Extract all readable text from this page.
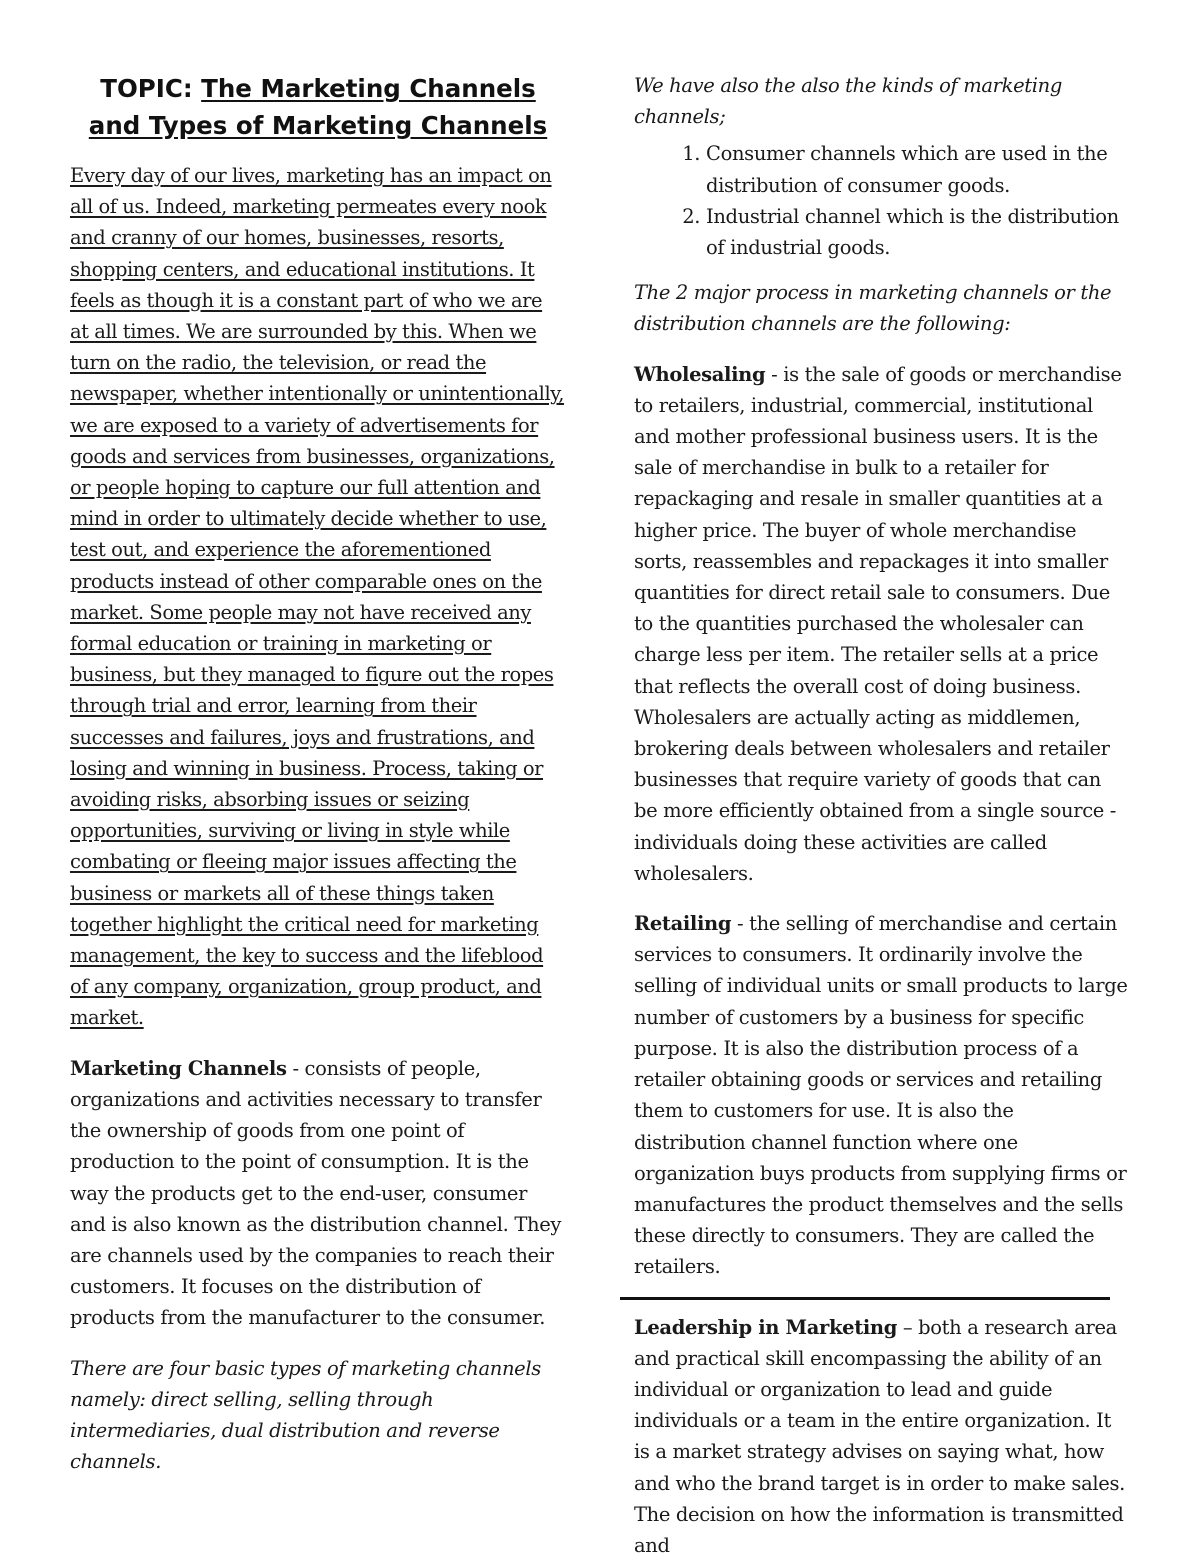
TOPIC: The Marketing Channels
and Types of Marketing Channels

Every day of our lives, marketing has an impact on all of us. Indeed, marketing permeates every nook and cranny of our homes, businesses, resorts, shopping centers, and educational institutions. It feels as though it is a constant part of who we are at all times. We are surrounded by this. When we turn on the radio, the television, or read the newspaper, whether intentionally or unintentionally, we are exposed to a variety of advertisements for goods and services from businesses, organizations, or people hoping to capture our full attention and mind in order to ultimately decide whether to use, test out, and experience the aforementioned products instead of other comparable ones on the market. Some people may not have received any formal education or training in marketing or business, but they managed to figure out the ropes through trial and error, learning from their successes and failures, joys and frustrations, and losing and winning in business. Process, taking or avoiding risks, absorbing issues or seizing opportunities, surviving or living in style while combating or fleeing major issues affecting the business or markets all of these things taken together highlight the critical need for marketing management, the key to success and the lifeblood of any company, organization, group product, and market.

Marketing Channels - consists of people, organizations and activities necessary to transfer the ownership of goods from one point of production to the point of consumption. It is the way the products get to the end-user, consumer and is also known as the distribution channel. They are channels used by the companies to reach their customers. It focuses on the distribution of products from the manufacturer to the consumer.

There are four basic types of marketing channels namely: direct selling, selling through intermediaries, dual distribution and reverse channels.

We have also the also the kinds of marketing channels;

1. Consumer channels which are used in the distribution of consumer goods.
2. Industrial channel which is the distribution of industrial goods.

The 2 major process in marketing channels or the distribution channels are the following:

Wholesaling - is the sale of goods or merchandise to retailers, industrial, commercial, institutional and mother professional business users. It is the sale of merchandise in bulk to a retailer for repackaging and resale in smaller quantities at a higher price. The buyer of whole merchandise sorts, reassembles and repackages it into smaller quantities for direct retail sale to consumers. Due to the quantities purchased the wholesaler can charge less per item. The retailer sells at a price that reflects the overall cost of doing business. Wholesalers are actually acting as middlemen, brokering deals between wholesalers and retailer businesses that require variety of goods that can be more efficiently obtained from a single source -individuals doing these activities are called wholesalers.

Retailing - the selling of merchandise and certain services to consumers. It ordinarily involve the selling of individual units or small products to large number of customers by a business for specific purpose. It is also the distribution process of a retailer obtaining goods or services and retailing them to customers for use. It is also the distribution channel function where one organization buys products from supplying firms or manufactures the product themselves and the sells these directly to consumers. They are called the retailers.

Leadership in Marketing – both a research area and practical skill encompassing the ability of an individual or organization to lead and guide individuals or a team in the entire organization. It is a market strategy advises on saying what, how and who the brand target is in order to make sales. The decision on how the information is transmitted and
